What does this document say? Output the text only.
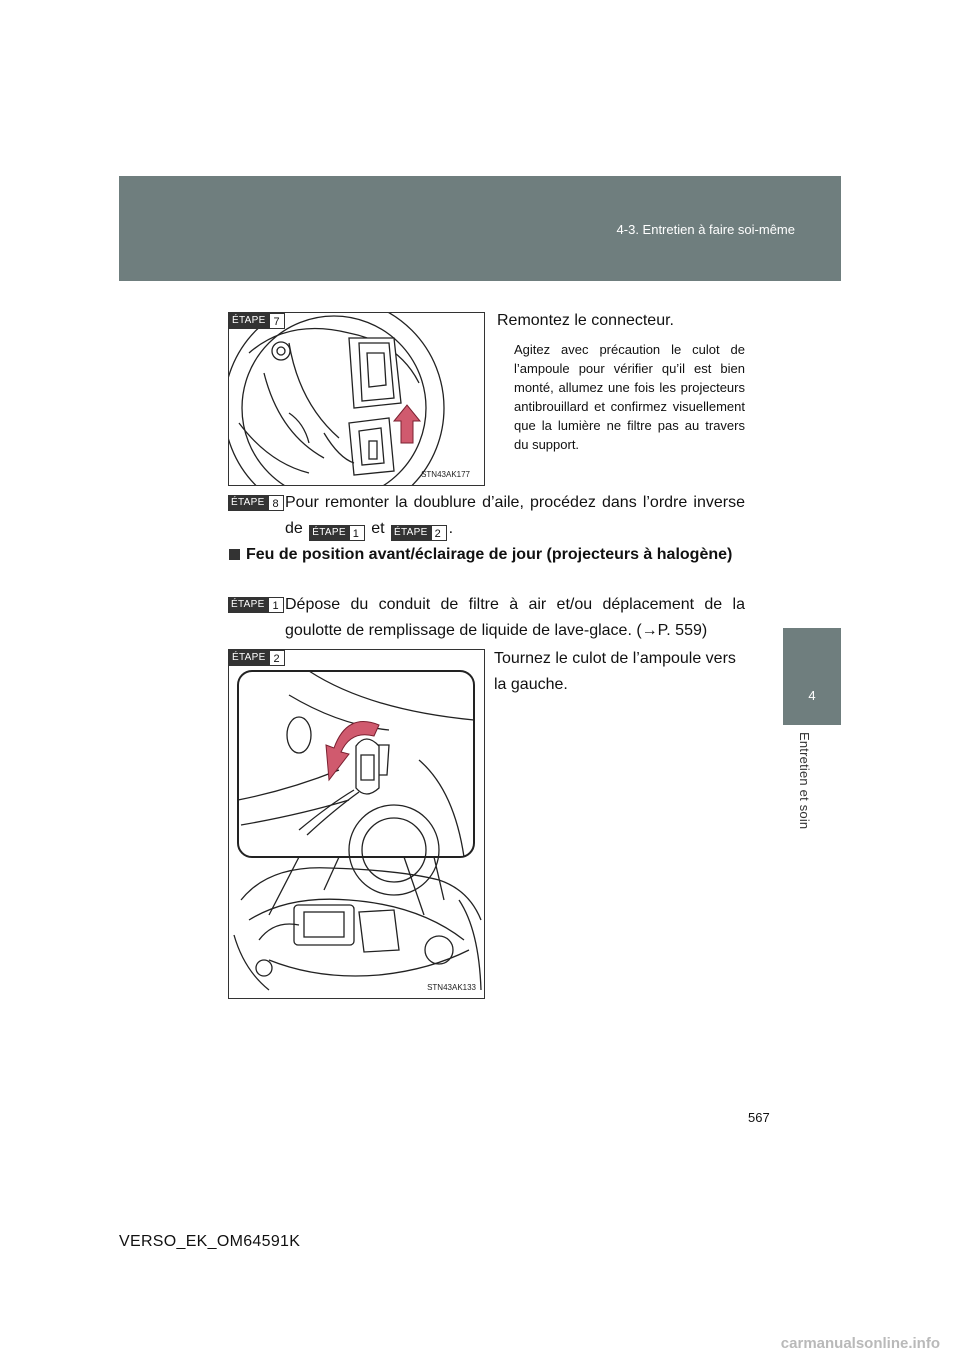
4-3. Entretien à faire soi-même
4
Entretien et soin
ÉTAPE 7
STN43AK177
Remontez le connecteur.
Agitez avec précaution le culot de l’ampoule pour vérifier qu’il est bien monté, allumez une fois les projecteurs antibrouillard et confirmez visuellement que la lumière ne filtre pas au travers du support.
ÉTAPE 8 Pour remonter la doublure d’aile, procédez dans l’ordre inverse de ÉTAPE 1 et ÉTAPE 2 .
Feu de position avant/éclairage de jour (projecteurs à halogène)
ÉTAPE 1 Dépose du conduit de filtre à air et/ou déplacement de la goulotte de remplissage de liquide de lave-glace. (→P. 559)
ÉTAPE 2
STN43AK133
Tournez le culot de l’ampoule vers la gauche.
567
VERSO_EK_OM64591K
carmanualsonline.info
